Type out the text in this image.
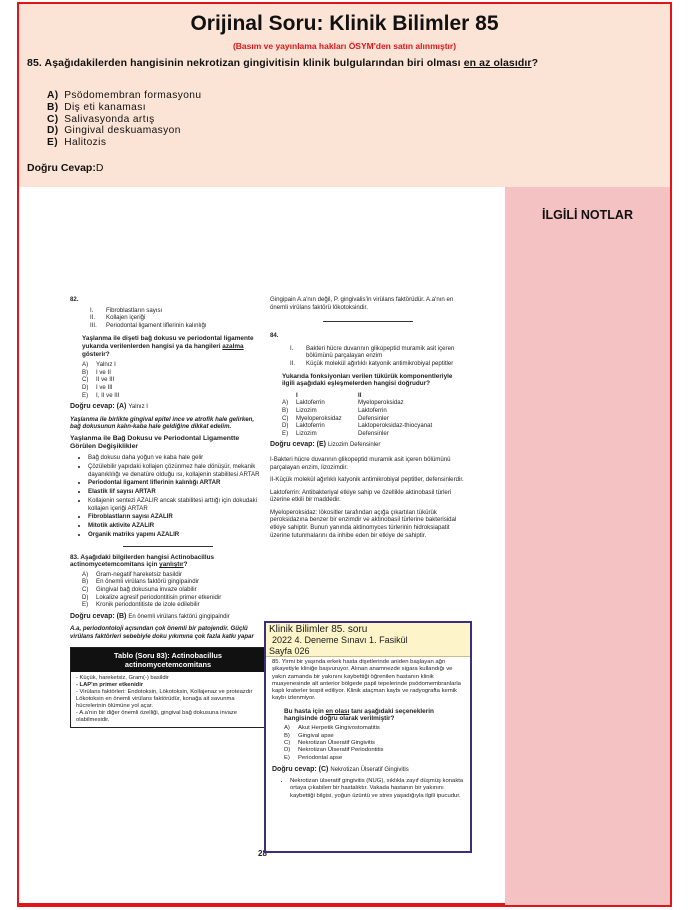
Orijinal Soru: Klinik Bilimler 85
(Basım ve yayınlama hakları ÖSYM'den satın alınmıştır)
85. Aşağıdakilerden hangisinin nekrotizan gingivitisin klinik bulgularından biri olması en az olasıdır?
A) Psödomembran formasyonu
B) Diş eti kanaması
C) Salivasyonda artış
D) Gingival deskuamasyon
E) Halitozis
Doğru Cevap:D
İLGİLİ NOTLAR
82.
I.	Fibroblastların sayısı
II.	Kollajen içeriği
III.	Periodontal ligament liflerinin kalınlığı
Yaşlanma ile dişeti bağ dokusu ve periodontal ligamente yukarıda verilenlerden hangisi ya da hangileri azalma gösterir?
A)	Yalnız I
B)	I ve II
C)	II ve III
D)	I ve III
E)	I, II ve III
Doğru cevap: (A) Yalnız I
Yaşlanma ile birlikte gingival epitel ince ve atrofik hale gelirken, bağ dokusunun kalın-kaba hale geldiğine dikkat edelim.
Yaşlanma ile Bağ Dokusu ve Periodontal Ligamentte Görülen Değişiklikler
• Bağ dokusu daha yoğun ve kaba hale gelir
• Çözülebilir yapıdaki kollajen çözünmez hale dönüşür, mekanik dayanıklılığı ve denatüre olduğu ısı, kollajenin stabilitesi ARTAR
• Periodontal ligament liflerinin kalınlığı ARTAR
• Elastik lif sayısı ARTAR
• Kollajenin sentezi AZALIR ancak stabilitesi arttığı için dokudaki kollajen içeriği ARTAR
• Fibroblastların sayısı AZALIR
• Mitotik aktivite AZALIR
• Organik matriks yapımı AZALIR
83. Aşağıdaki bilgilerden hangisi Actinobacillus actinomycetemcomitans için yanlıştır?
A)	Gram-negatif hareketsiz basildir
B)	En önemli virülans faktörü gingipaindir
C)	Gingival bağ dokusuna invaze olabilir
D)	Lokalize agresif periodontitisin primer etkenidir
E)	Kronik periodontitiste de izole edilebilir
Doğru cevap: (B) En önemli virülans faktörü gingipaindir
A.a, periodontoloji açısından çok önemli bir patojendir. Güçlü virülans faktörleri sebebiyle doku yıkımına çok fazla katkı yapar
Tablo (Soru 83): Actinobacillus actinomycetemcomitans
- Küçük, hareketsiz, Gram(-) basildir
- LAP'ın primer etkenidir
- Virülans faktörleri: Endotoksin, Lökotoksin, Kollajenaz ve proteazdır
Lökotoksin en önemli virülans faktörüdür, konağa ait savunma hücrelerinin ölümüne yol açar.
- A.a'nın bir diğer önemli özelliği, gingival bağ dokusuna invaze olabilmesidir.
Gingipain A.a'nın değil, P. gingivalis'in virülans faktörüdür. A.a'nın en önemli virülans faktörü lökotoksindir.
84.
I.	Bakteri hücre duvarının glikopeptid muramik asit içeren bölümünü parçalayan enzim
II.	Küçük molekül ağırlıklı katyonik antimikrobiyal peptitler
Yukarıda fonksiyonları verilen tükürük komponentleriyle ilgili aşağıdaki eşleşmelerden hangisi doğrudur?
I	II
A)	Laktoferrin	Myeloperoksidaz
B)	Lizozim	Laktoferrin
C)	Myeloperoksidaz	Defensinler
D)	Laktoferrin	Laktoperoksidaz-thiocyanat
E)	Lizozim	Defensinler
Doğru cevap: (E) Lizozim Defensinler
I-Bakteri hücre duvarının glikopeptid muramik asit içeren bölümünü parçalayan enzim, lizozimdir.
II-Küçük molekül ağırlıklı katyonik antimikrobiyal peptitler, defensinlerdir.
Laktoferrin: Antibakteriyal etkiye sahip ve özellikle aktinobasil türleri üzerine etkili bir maddedir.
Myeloperoksidaz: lökositler tarafından açığa çıkartılan tükürük peroksidazına benzer bir enzimdir ve aktinobasil türlerine bakterisidal etkiye sahiptir. Bunun yanında aktinomyces türlerinin hidroksiapatit üzerine tutunmalarını da inhibe eden bir etkiye de sahiptir.
28
Klinik Bilimler 85. soru
2022 4. Deneme Sınavı 1. Fasikül
Sayfa 026
85. Yirmi bir yaşında erkek hasta dişetlerinde aniden başlayan ağrı şikayetiyle kliniğe başvuruyor. Alınan anamnezde sigara kullandığı ve yakın zamanda bir yakınını kaybettiği öğrenilen hastanın klinik muayenesinde alt anterior bölgede papil tepelerinde psödomembranlarla kaplı kraterler tespit ediliyor. Klinik ataçman kaybı ve radyografta kemik kaybı izlenmiyor.
Bu hasta için en olası tanı aşağıdaki seçeneklerin hangisinde doğru olarak verilmiştir?
A)	Akut Herpetik Gingivostomatitis
B)	Gingival apse
C)	Nekrotizan Ülseratif Gingivitis
D)	Nekrotizan Ülseratif Periodontitis
E)	Periodontal apse
Doğru cevap: (C) Nekrotizan Ülseratif Gingivitis
• Nekrotizan ülseratif gingivitis (NUG), sıklıkla zayıf düşmüş konakta ortaya çıkabilen bir hastalıktır. Vakada hastanın bir yakınını kaybettiği bilgisi, yoğun üzüntü ve stres yaşadığıyla ilgili ipucudur.
